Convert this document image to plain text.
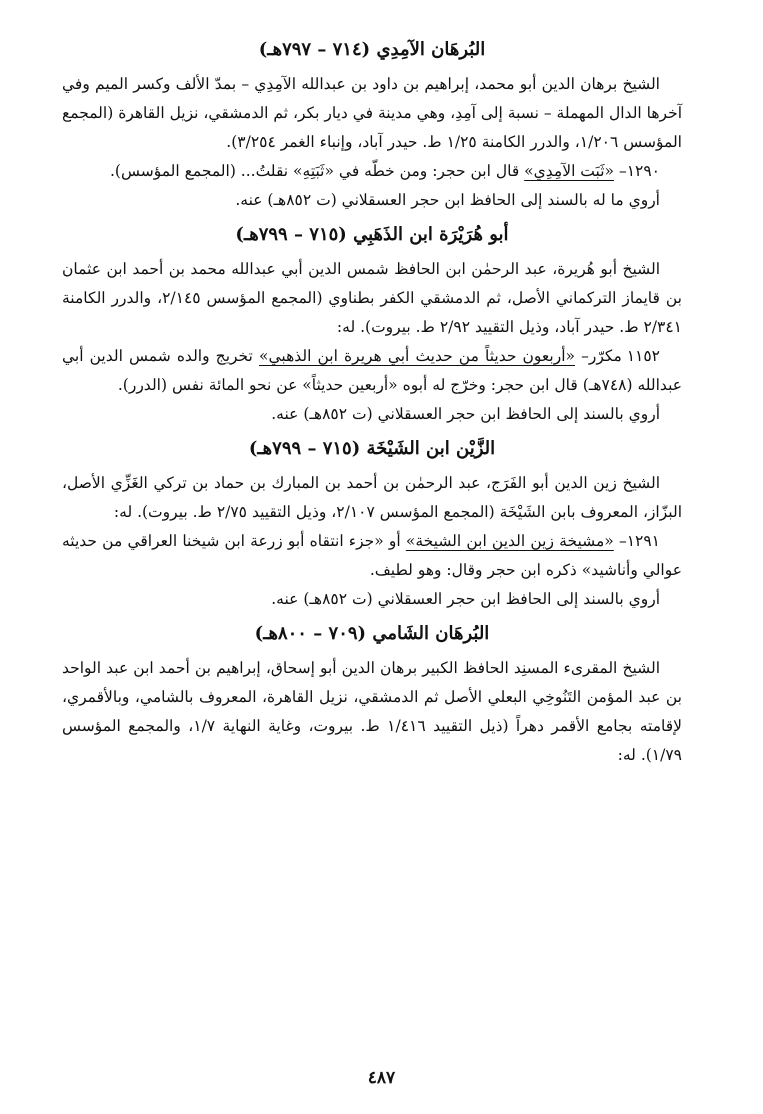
البُرهَان الآمِدِي (٧١٤ – ٧٩٧هـ)

الشيخ برهان الدين أبو محمد، إبراهيم بن داود بن عبدالله الآمِدِي – بمدّ الألف وكسر الميم وفي آخرها الدال المهملة – نسبة إلى آمِدِ، وهي مدينة في ديار بكر، ثم الدمشقي، نزيل القاهرة (المجمع المؤسس ١/٢٠٦، والدرر الكامنة ١/٢٥ ط. حيدر آباد، وإنباء الغمر ٣/٢٥٤).

١٢٩٠– «ثَبَت الآمِدِي» قال ابن حجر: ومن خطّه في «ثَبَتِهِ» نقلتُ... (المجمع المؤسس).

أروي ما له بالسند إلى الحافظ ابن حجر العسقلاني (ت ٨٥٢هـ) عنه.

أبو هُرَيْرَة ابن الذَهَبِي (٧١٥ – ٧٩٩هـ)

الشيخ أبو هُريرة، عبد الرحمٰن ابن الحافظ شمس الدين أبي عبدالله محمد بن أحمد ابن عثمان بن قايماز التركماني الأصل، ثم الدمشقي الكفر بطناوي (المجمع المؤسس ٢/١٤٥، والدرر الكامنة ٢/٣٤١ ط. حيدر آباد، وذيل التقييد ٢/٩٢ ط. بيروت). له:

١١٥٢ مكرّر– «أربعون حديثاً من حديث أبي هريرة ابن الذهبي» تخريج والده شمس الدين أبي عبدالله (٧٤٨هـ) قال ابن حجر: وخرّج له أبوه «أربعين حديثاً» عن نحو المائة نفس (الدرر).

أروي بالسند إلى الحافظ ابن حجر العسقلاني (ت ٨٥٢هـ) عنه.

الزَّيْن ابن الشَيْخَة (٧١٥ – ٧٩٩هـ)

الشيخ زين الدين أبو الفَرَج، عبد الرحمٰن بن أحمد بن المبارك بن حماد بن تركي الغَزِّي الأصل، البزّاز، المعروف بابن الشَيْخَة (المجمع المؤسس ٢/١٠٧، وذيل التقييد ٢/٧٥ ط. بيروت). له:

١٢٩١– «مشيخة زين الدين ابن الشيخة» أو «جزء انتقاه أبو زرعة ابن شيخنا العراقي من حديثه عوالي وأناشيد» ذكره ابن حجر وقال: وهو لطيف.

أروي بالسند إلى الحافظ ابن حجر العسقلاني (ت ٨٥٢هـ) عنه.

البُرهَان الشَامي (٧٠٩ – ٨٠٠هـ)

الشيخ المقرىء المسنِد الحافظ الكبير برهان الدين أبو إسحاق، إبراهيم بن أحمد ابن عبد الواحد بن عبد المؤمن التَنُوخِي البعلي الأصل ثم الدمشقي، نزيل القاهرة، المعروف بالشامي، وبالأقمري، لإقامته بجامع الأقمر دهراً (ذيل التقييد ١/٤١٦ ط. بيروت، وغاية النهاية ١/٧، والمجمع المؤسس ١/٧٩). له:

٤٨٧
